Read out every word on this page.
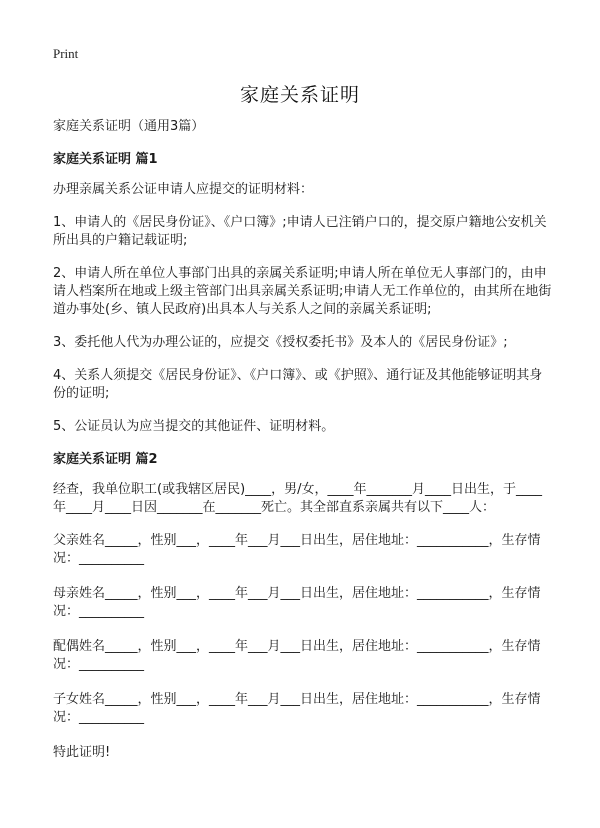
Print
家庭关系证明

家庭关系证明（通用3篇）

家庭关系证明 篇1

办理亲属关系公证申请人应提交的证明材料：

1、申请人的《居民身份证》、《户口簿》;申请人已注销户口的，提交原户籍地公安机关所出具的户籍记载证明;

2、申请人所在单位人事部门出具的亲属关系证明;申请人所在单位无人事部门的，由申请人档案所在地或上级主管部门出具亲属关系证明;申请人无工作单位的，由其所在地街道办事处(乡、镇人民政府)出具本人与关系人之间的亲属关系证明;

3、委托他人代为办理公证的，应提交《授权委托书》及本人的《居民身份证》;

4、关系人须提交《居民身份证》、《户口簿》、或《护照》、通行证及其他能够证明其身份的证明;

5、公证员认为应当提交的其他证件、证明材料。

家庭关系证明 篇2

经查，我单位职工(或我辖区居民)____，男/女，____年_______月____日出生，于____年____月____日因_______在_______死亡。其全部直系亲属共有以下____人：

父亲姓名_____，性别___，____年___月___日出生，居住地址：___________，生存情况：__________

母亲姓名_____，性别___，____年___月___日出生，居住地址：___________，生存情况：__________

配偶姓名_____，性别___，____年___月___日出生，居住地址：___________，生存情况：__________

子女姓名_____，性别___，____年___月___日出生，居住地址：___________，生存情况：__________

特此证明!
